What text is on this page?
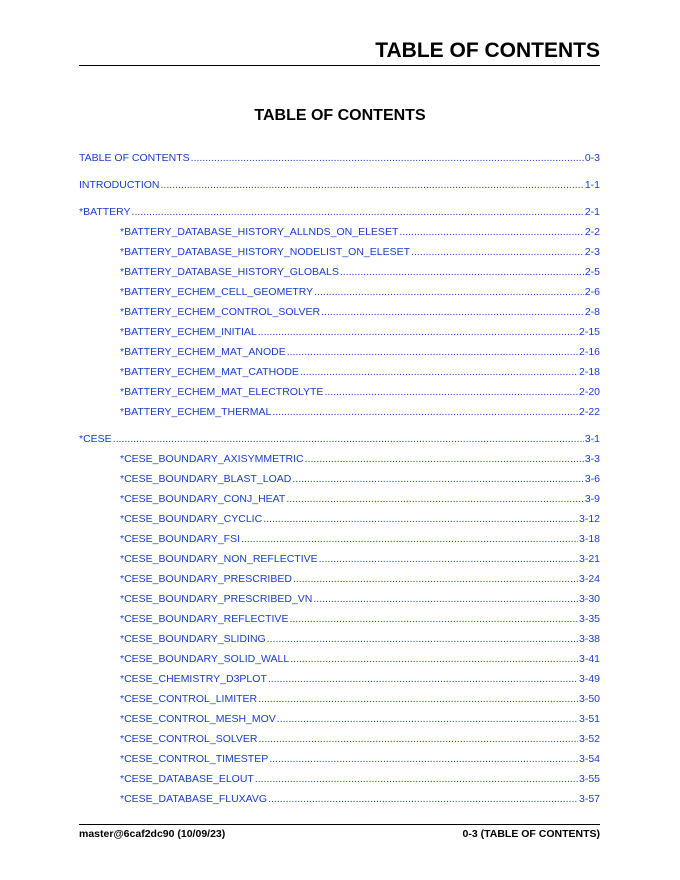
TABLE OF CONTENTS
TABLE OF CONTENTS
TABLE OF CONTENTS .....	0-3
INTRODUCTION .....	1-1
*BATTERY .....	2-1
*BATTERY_DATABASE_HISTORY_ALLNDS_ON_ELESET .....	2-2
*BATTERY_DATABASE_HISTORY_NODELIST_ON_ELESET .....	2-3
*BATTERY_DATABASE_HISTORY_GLOBALS .....	2-5
*BATTERY_ECHEM_CELL_GEOMETRY .....	2-6
*BATTERY_ECHEM_CONTROL_SOLVER .....	2-8
*BATTERY_ECHEM_INITIAL .....	2-15
*BATTERY_ECHEM_MAT_ANODE .....	2-16
*BATTERY_ECHEM_MAT_CATHODE .....	2-18
*BATTERY_ECHEM_MAT_ELECTROLYTE .....	2-20
*BATTERY_ECHEM_THERMAL .....	2-22
*CESE .....	3-1
*CESE_BOUNDARY_AXISYMMETRIC .....	3-3
*CESE_BOUNDARY_BLAST_LOAD .....	3-6
*CESE_BOUNDARY_CONJ_HEAT .....	3-9
*CESE_BOUNDARY_CYCLIC .....	3-12
*CESE_BOUNDARY_FSI .....	3-18
*CESE_BOUNDARY_NON_REFLECTIVE .....	3-21
*CESE_BOUNDARY_PRESCRIBED .....	3-24
*CESE_BOUNDARY_PRESCRIBED_VN .....	3-30
*CESE_BOUNDARY_REFLECTIVE .....	3-35
*CESE_BOUNDARY_SLIDING .....	3-38
*CESE_BOUNDARY_SOLID_WALL .....	3-41
*CESE_CHEMISTRY_D3PLOT .....	3-49
*CESE_CONTROL_LIMITER .....	3-50
*CESE_CONTROL_MESH_MOV .....	3-51
*CESE_CONTROL_SOLVER .....	3-52
*CESE_CONTROL_TIMESTEP .....	3-54
*CESE_DATABASE_ELOUT .....	3-55
*CESE_DATABASE_FLUXAVG .....	3-57
master@6caf2dc90 (10/09/23)	0-3 (TABLE OF CONTENTS)
